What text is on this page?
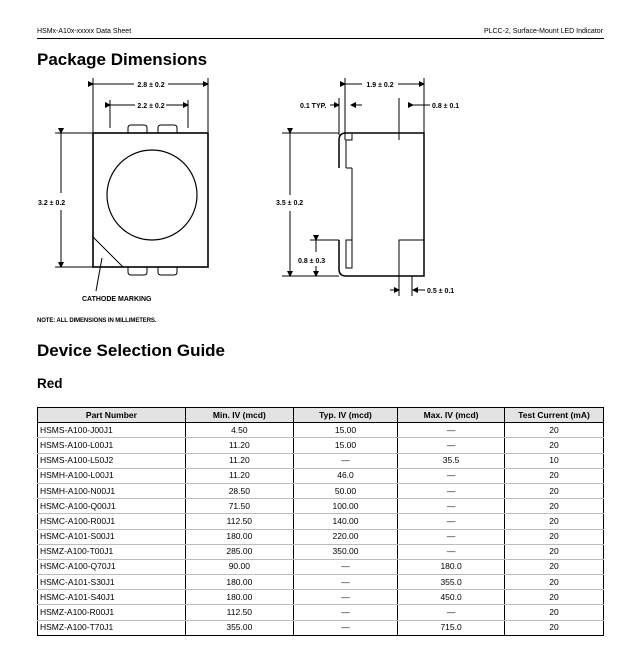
HSMx-A10x-xxxxx Data Sheet	PLCC-2, Surface-Mount LED Indicator
Package Dimensions
2.8 ± 0.2
2.2 ± 0.2
3.2 ± 0.2
CATHODE MARKING
1.9 ± 0.2
0.1 TYP.	0.8 ± 0.1
3.5 ± 0.2
0.8 ± 0.3
0.5 ± 0.1
NOTE: ALL DIMENSIONS IN MILLIMETERS.
Device Selection Guide
Red
Part Number	Min. IV (mcd)	Typ. IV (mcd)	Max. IV (mcd)	Test Current (mA)
HSMS-A100-J00J1	4.50	15.00	—	20
HSMS-A100-L00J1	11.20	15.00	—	20
HSMS-A100-L50J2	11.20	—	35.5	10
HSMH-A100-L00J1	11.20	46.0	—	20
HSMH-A100-N00J1	28.50	50.00	—	20
HSMC-A100-Q00J1	71.50	100.00	—	20
HSMC-A100-R00J1	112.50	140.00	—	20
HSMC-A101-S00J1	180.00	220.00	—	20
HSMZ-A100-T00J1	285.00	350.00	—	20
HSMC-A100-Q70J1	90.00	—	180.0	20
HSMC-A101-S30J1	180.00	—	355.0	20
HSMC-A101-S40J1	180.00	—	450.0	20
HSMZ-A100-R00J1	112.50	—	—	20
HSMZ-A100-T70J1	355.00	—	715.0	20
